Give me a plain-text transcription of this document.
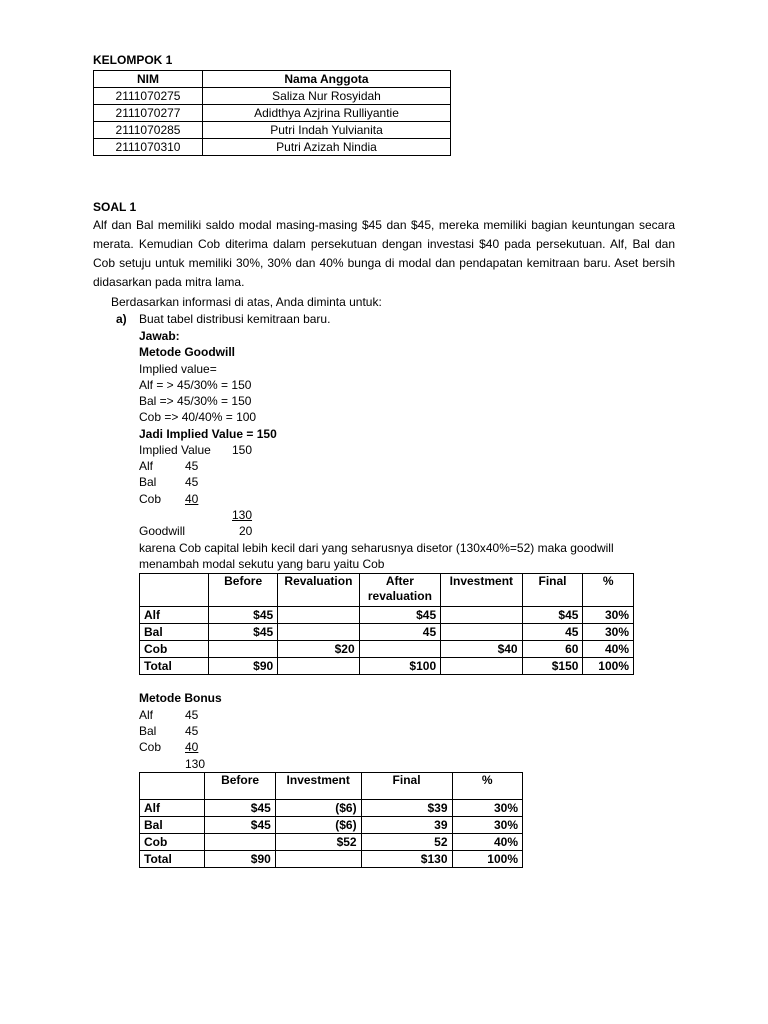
KELOMPOK 1
NIM	Nama Anggota
2111070275	Saliza Nur Rosyidah
2111070277	Adidthya Azjrina Rulliyantie
2111070285	Putri Indah Yulvianita
2111070310	Putri Azizah Nindia
SOAL 1
Alf dan Bal memiliki saldo modal masing-masing $45 dan $45, mereka memiliki bagian keuntungan secara merata. Kemudian Cob diterima dalam persekutuan dengan investasi $40 pada persekutuan. Alf, Bal dan Cob setuju untuk memiliki 30%, 30% dan 40% bunga di modal dan pendapatan kemitraan baru. Aset bersih didasarkan pada mitra lama.
Berdasarkan informasi di atas, Anda diminta untuk:
a) Buat tabel distribusi kemitraan baru.
Jawab:
Metode Goodwill
Implied value=
Alf = > 45/30% = 150
Bal => 45/30% = 150
Cob => 40/40% = 100
Jadi Implied Value = 150
Implied Value 150
Alf	45
Bal 45
Cob 40
130
Goodwill	20
karena Cob capital lebih kecil dari yang seharusnya disetor (130x40%=52) maka goodwill menambah modal sekutu yang baru yaitu Cob
	Before	Revaluation	After revaluation	Investment	Final	%
Alf	$45		$45		$45	30%
Bal	$45		45		45	30%
Cob		$20		$40	60	40%
Total	$90		$100		$150	100%
Metode Bonus
Alf	45
Bal 45
Cob 40
130
	Before	Investment	Final	%
Alf	$45	($6)	$39	30%
Bal	$45	($6)	39	30%
Cob		$52	52	40%
Total	$90		$130	100%
